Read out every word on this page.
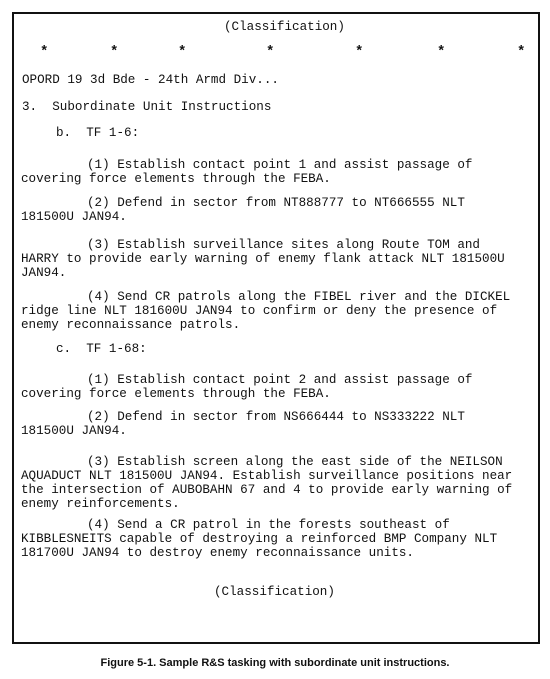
(Classification)
*	*	*	*	*	*	*
OPORD 19 3d Bde - 24th Armd Div...
3.  Subordinate Unit Instructions
b.  TF 1-6:
(1) Establish contact point 1 and assist passage of covering force elements through the FEBA.
(2) Defend in sector from NT888777 to NT666555 NLT 181500U JAN94.
(3) Establish surveillance sites along Route TOM and HARRY to provide early warning of enemy flank attack NLT 181500U JAN94.
(4) Send CR patrols along the FIBEL river and the DICKEL ridge line NLT 181600U JAN94 to confirm or deny the presence of enemy reconnaissance patrols.
c.  TF 1-68:
(1) Establish contact point 2 and assist passage of covering force elements through the FEBA.
(2) Defend in sector from NS666444 to NS333222 NLT 181500U JAN94.
(3) Establish screen along the east side of the NEILSON AQUADUCT NLT 181500U JAN94. Establish surveillance positions near the intersection of AUBOBAHN 67 and 4 to provide early warning of enemy reinforcements.
(4) Send a CR patrol in the forests southeast of KIBBLESNEITS capable of destroying a reinforced BMP Company NLT 181700U JAN94 to destroy enemy reconnaissance units.
(Classification)
Figure 5-1. Sample R&S tasking with subordinate unit instructions.
